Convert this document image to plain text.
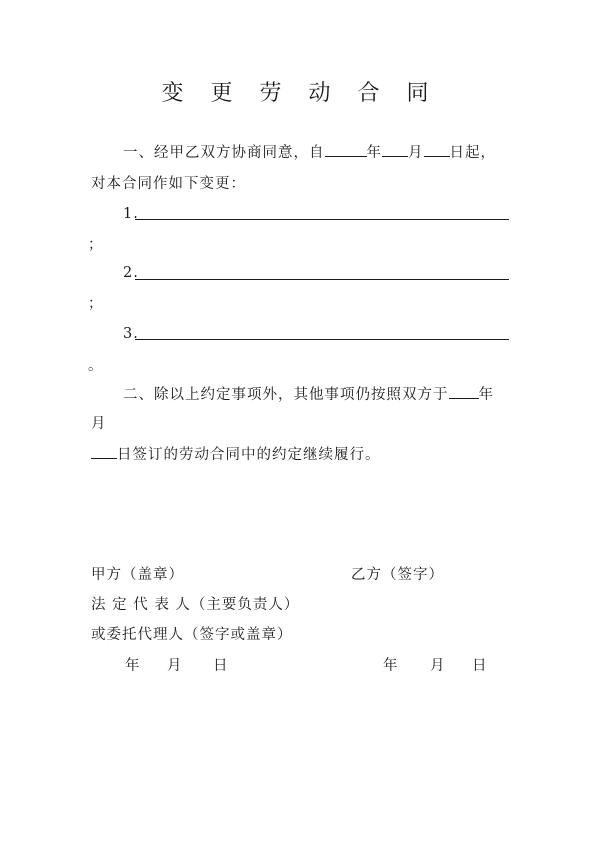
变 更 劳 动 合 同
一、经甲乙双方协商同意，自	年 月 日起，
对本合同作如下变更：
1.
；
2.
；
3.
。
二、除以上约定事项外，其他事项仍按照双方于 年
月
日签订的劳动合同中的约定继续履行。
甲方（盖章）	乙方（签字）
法 定 代 表 人（主要负责人）
或委托代理人（签字或盖章）
年 月 日	年 月 日
